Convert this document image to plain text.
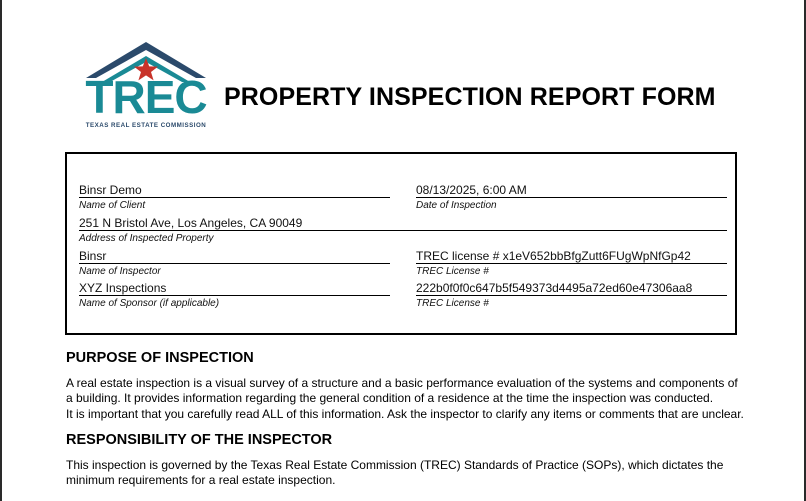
TREC
TEXAS REAL ESTATE COMMISSION
PROPERTY INSPECTION REPORT FORM
Binsr Demo
Name of Client
08/13/2025, 6:00 AM
Date of Inspection
251 N Bristol Ave, Los Angeles, CA 90049
Address of Inspected Property
Binsr
Name of Inspector
TREC license # x1eV652bbBfgZutt6FUgWpNfGp42
TREC License #
XYZ Inspections
Name of Sponsor (if applicable)
222b0f0f0c647b5f549373d4495a72ed60e47306aa8
TREC License #
PURPOSE OF INSPECTION
A real estate inspection is a visual survey of a structure and a basic performance evaluation of the systems and components of a building. It provides information regarding the general condition of a residence at the time the inspection was conducted.
It is important that you carefully read ALL of this information. Ask the inspector to clarify any items or comments that are unclear.
RESPONSIBILITY OF THE INSPECTOR
This inspection is governed by the Texas Real Estate Commission (TREC) Standards of Practice (SOPs), which dictates the minimum requirements for a real estate inspection.
